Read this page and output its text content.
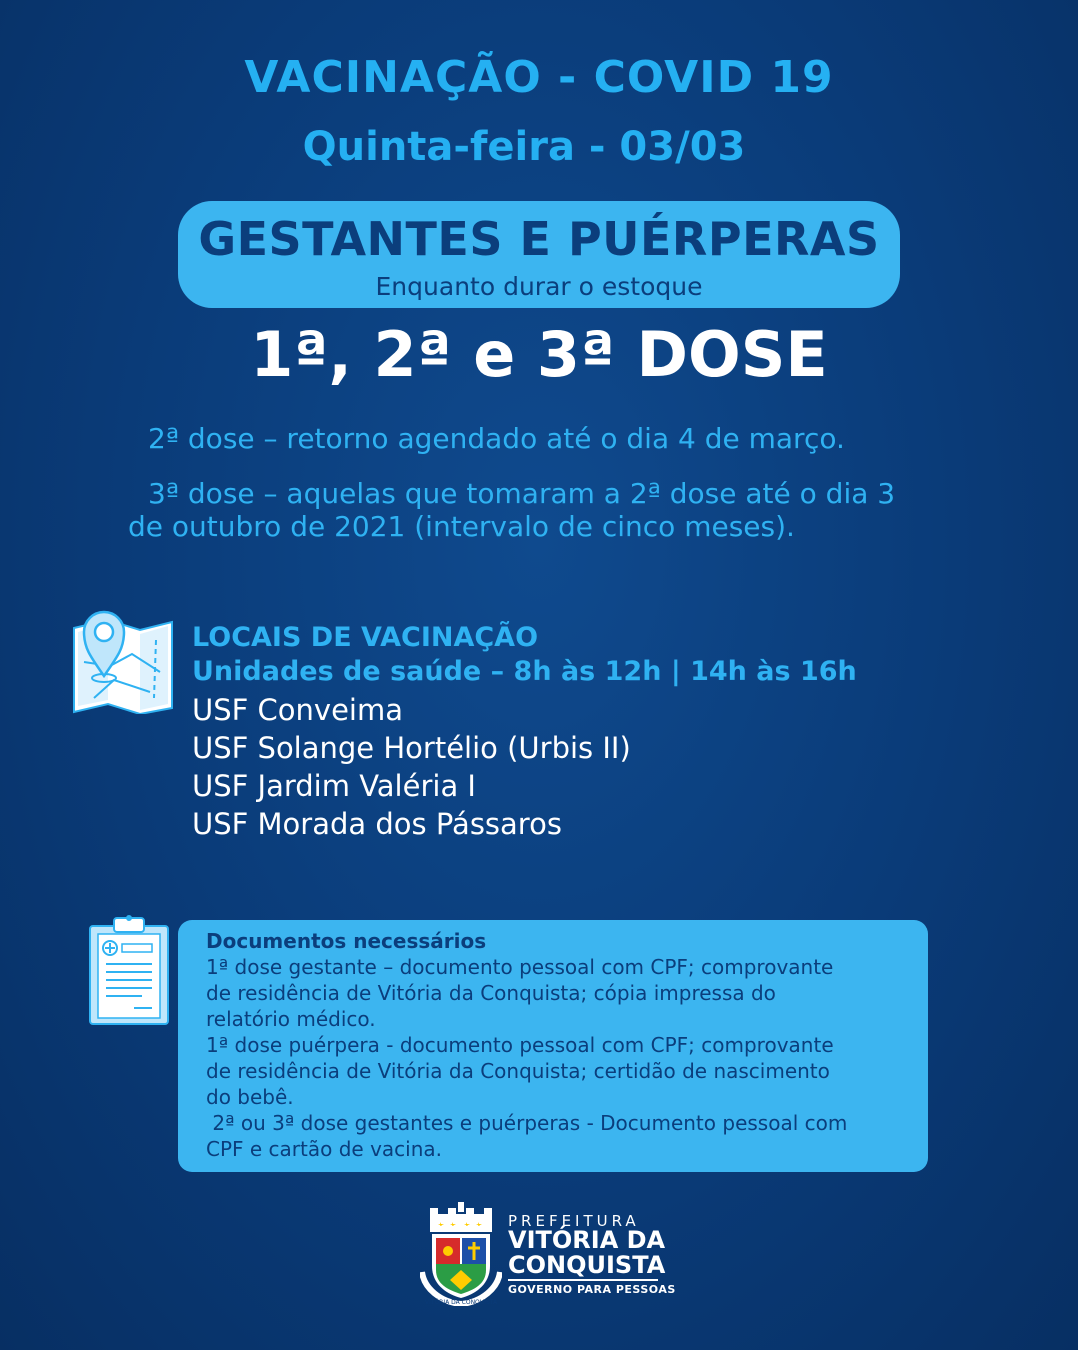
VACINAÇÃO - COVID 19
Quinta-feira - 03/03
GESTANTES E PUÉRPERAS
Enquanto durar o estoque
1ª, 2ª e 3ª DOSE
2ª dose – retorno agendado até o dia 4 de março.
3ª dose – aquelas que tomaram a 2ª dose até o dia 3
de outubro de 2021 (intervalo de cinco meses).
LOCAIS DE VACINAÇÃO
Unidades de saúde – 8h às 12h | 14h às 16h
USF Conveima
USF Solange Hortélio (Urbis II)
USF Jardim Valéria I
USF Morada dos Pássaros
Documentos necessários
1ª dose gestante – documento pessoal com CPF; comprovante
de residência de Vitória da Conquista; cópia impressa do
relatório médico.
1ª dose puérpera - documento pessoal com CPF; comprovante
de residência de Vitória da Conquista; certidão de nascimento
do bebê.
2ª ou 3ª dose gestantes e puérperas - Documento pessoal com
CPF e cartão de vacina.
VITÓRIA DA CONQUISTA
PREFEITURA
VITÓRIA DA
CONQUISTA
GOVERNO PARA PESSOAS
